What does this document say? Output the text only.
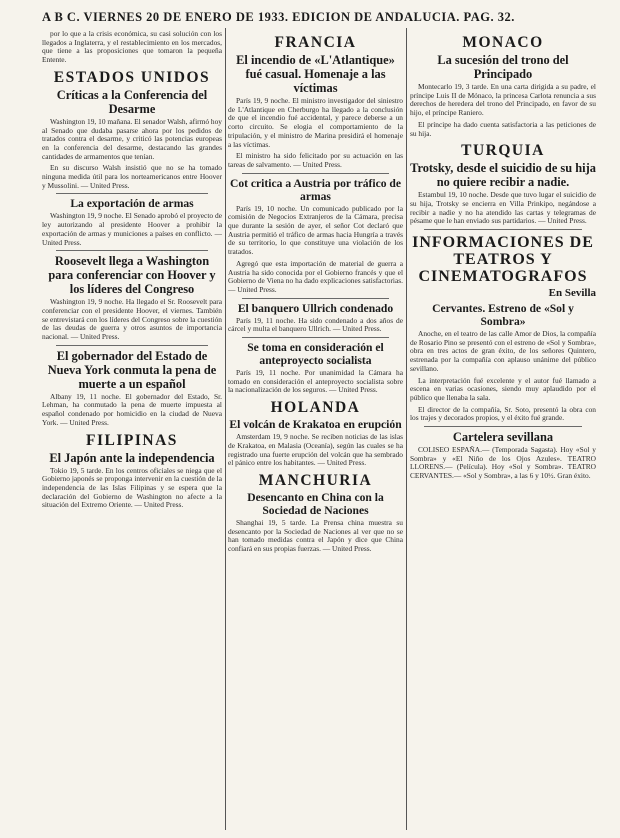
A B C. VIERNES 20 DE ENERO DE 1933. EDICION DE ANDALUCIA. PAG. 32.

por lo que a la crisis económica, su casi solución con los llegados a Inglaterra, y el restablecimiento en los mercados, que tiene a las proposiciones que tomaron la pequeña Entente.

ESTADOS UNIDOS
Críticas a la Conferencia del Desarme

Washington 19, 10 mañana. El senador Walsh, afirmó hoy al Senado que dudaba pasarse ahora por los pedidos de tratados contra el desarme, y criticó las potencias europeas en la conferencia del desarme, destacando las grandes cantidades de armamentos que tenían.

En su discurso Walsh insistió que no se ha tomado ninguna medida útil para los norteamericanos entre Hoover y Mussolini. — United Press.

La exportación de armas

Washington 19, 9 noche. El Senado aprobó el proyecto de ley autorizando al presidente Hoover a prohibir la exportación de armas y municiones a países en conflicto. — United Press.

Roosevelt llega a Washington para conferenciar con Hoover y los líderes del Congreso

Washington 19, 9 noche. Ha llegado el Sr. Roosevelt para conferenciar con el presidente Hoover, el viernes. También se entrevistará con los líderes del Congreso sobre la cuestión de las deudas de guerra y otros asuntos de importancia nacional. — United Press.

El gobernador del Estado de Nueva York conmuta la pena de muerte a un español

Albany 19, 11 noche. El gobernador del Estado, Sr. Lehman, ha conmutado la pena de muerte impuesta al español condenado por homicidio en la ciudad de Nueva York. — United Press.

FILIPINAS
El Japón ante la independencia

Tokio 19, 5 tarde. En los centros oficiales se niega que el Gobierno japonés se proponga intervenir en la cuestión de la independencia de las Islas Filipinas y se espera que la declaración del Gobierno de Washington no afecte a la situación del Extremo Oriente. — United Press.

FRANCIA
El incendio de «L'Atlantique» fué casual. Homenaje a las víctimas

París 19, 9 noche. El ministro investigador del siniestro de L'Atlantique en Cherburgo ha llegado a la conclusión de que el incendio fué accidental, y parece deberse a un corto circuito. Se elogia el comportamiento de la tripulación, y el ministro de Marina presidirá el homenaje a las víctimas.

El ministro ha sido felicitado por su actuación en las tareas de salvamento. — United Press.

Cot critica a Austria por tráfico de armas

París 19, 10 noche. Un comunicado publicado por la comisión de Negocios Extranjeros de la Cámara, precisa que durante la sesión de ayer, el señor Cot declaró que Austria permitió el tráfico de armas hacia Hungría a través de su territorio, lo que constituye una violación de los tratados.

Agregó que esta importación de material de guerra a Austria ha sido conocida por el Gobierno francés y que el Gobierno de Viena no ha dado explicaciones satisfactorias. — United Press.

El banquero Ullrich condenado

París 19, 11 noche. Ha sido condenado a dos años de cárcel y multa el banquero Ullrich. — United Press.

Se toma en consideración el anteproyecto socialista

París 19, 11 noche. Por unanimidad la Cámara ha tomado en consideración el anteproyecto socialista sobre la nacionalización de los seguros. — United Press.

HOLANDA
El volcán de Krakatoa en erupción

Amsterdam 19, 9 noche. Se reciben noticias de las islas de Krakatoa, en Malasia (Oceanía), según las cuales se ha registrado una fuerte erupción del volcán que ha sembrado el pánico entre los habitantes. — United Press.

MANCHURIA
Desencanto en China con la Sociedad de Naciones

Shanghai 19, 5 tarde. La Prensa china muestra su desencanto por la Sociedad de Naciones al ver que no se han tomado medidas contra el Japón y dice que China confiará en sus propias fuerzas. — United Press.

MONACO
La sucesión del trono del Principado

Montecarlo 19, 3 tarde. En una carta dirigida a su padre, el príncipe Luis II de Mónaco, la princesa Carlota renuncia a sus derechos de heredera del trono del Principado, en favor de su hijo, el príncipe Raniero.

El príncipe ha dado cuenta satisfactoria a las peticiones de su hija.

TURQUIA
Trotsky, desde el suicidio de su hija no quiere recibir a nadie.

Estambul 19, 10 noche. Desde que tuvo lugar el suicidio de su hija, Trotsky se encierra en Villa Prinkipo, negándose a recibir a nadie y no ha atendido las cartas y telegramas de pésame que le han enviado sus partidarios. — United Press.

INFORMACIONES DE TEATROS Y CINEMATOGRAFOS
En Sevilla
Cervantes. Estreno de «Sol y Sombra»

Anoche, en el teatro de las calle Amor de Dios, la compañía de Rosario Pino se presentó con el estreno de «Sol y Sombra», obra en tres actos de gran éxito, de los señores Quintero, estrenada por la compañía con aplauso unánime del público sevillano.

La interpretación fué excelente y el autor fué llamado a escena en varias ocasiones, siendo muy aplaudido por el público que llenaba la sala.

El director de la compañía, Sr. Soto, presentó la obra con los trajes y decorados propios, y el éxito fué grande.

Cartelera sevillana

COLISEO ESPAÑA.— (Temporada Sagasta). Hoy «Sol y Sombra» y «El Niño de los Ojos Azules». TEATRO LLORENS.— (Película). Hoy «Sol y Sombra». TEATRO CERVANTES.— «Sol y Sombra», a las 6 y 10½. Gran éxito.
